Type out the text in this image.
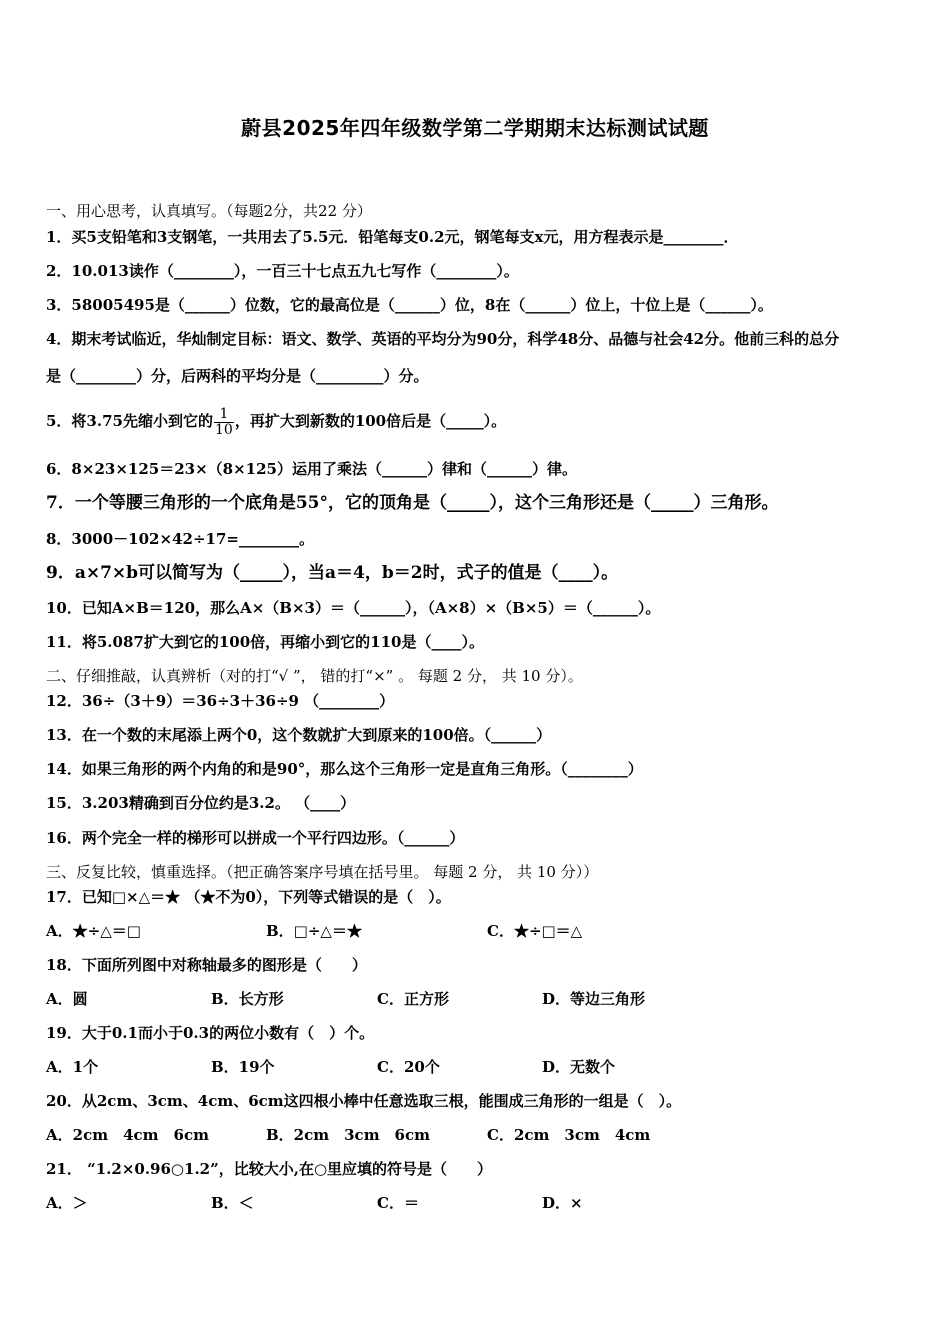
蔚县2025年四年级数学第二学期期末达标测试试题
一、用心思考，认真填写。（每题2分，共22 分）
1．买5支铅笔和3支钢笔，一共用去了5.5元．铅笔每支0.2元，钢笔每支x元，用方程表示是________．
2．10.013读作（________），一百三十七点五九七写作（________）。
3．58005495是（______）位数，它的最高位是（______）位，8在（______）位上，十位上是（______）。
4．期末考试临近，华灿制定目标：语文、数学、英语的平均分为90分，科学48分、品德与社会42分。他前三科的总分
是（________）分，后两科的平均分是（_________）分。
5．将3.75先缩小到它的 $\frac{1}{10}$ ，再扩大到新数的100倍后是（_____）。
6．8×23×125＝23×（8×125）运用了乘法（______）律和（______）律。
7．一个等腰三角形的一个底角是55°，它的顶角是（_____），这个三角形还是（_____）三角形。
8．3000－102×42÷17=________。
9．a×7×b可以简写为（_____），当a＝4，b＝2时，式子的值是（____）。
10．已知A×B＝120，那么A×（B×3）＝（______），（A×8）×（B×5）＝（______）。
11．将5.087扩大到它的100倍，再缩小到它的110是（____）。
二、仔细推敲，认真辨析（对的打“√ ”， 错的打“×” 。 每题 2 分， 共 10 分）。
12．36÷（3＋9）＝36÷3＋36÷9 （________）
13．在一个数的末尾添上两个0，这个数就扩大到原来的100倍。（______）
14．如果三角形的两个内角的和是90°，那么这个三角形一定是直角三角形。（________）
15．3.203精确到百分位约是3.2。 （____）
16．两个完全一样的梯形可以拼成一个平行四边形。（______）
三、反复比较，慎重选择。（把正确答案序号填在括号里。 每题 2 分， 共 10 分））
17．已知□×△＝★ （★不为0），下列等式错误的是（　）。
A．★÷△＝□	B．□÷△＝★	C．★÷□＝△
18．下面所列图中对称轴最多的图形是（　　）
A．圆	B．长方形	C．正方形	D．等边三角形
19．大于0.1而小于0.3的两位小数有（　）个。
A．1个	B．19个	C．20个	D．无数个
20．从2cm、3cm、4cm、6cm这四根小棒中任意选取三根，能围成三角形的一组是（　）。
A．2cm　4cm　6cm	B．2cm　3cm　6cm	C．2cm　3cm　4cm
21． “1.2×0.96○1.2”，比较大小,在○里应填的符号是（　　）
A．＞	B．＜	C．＝	D．×
